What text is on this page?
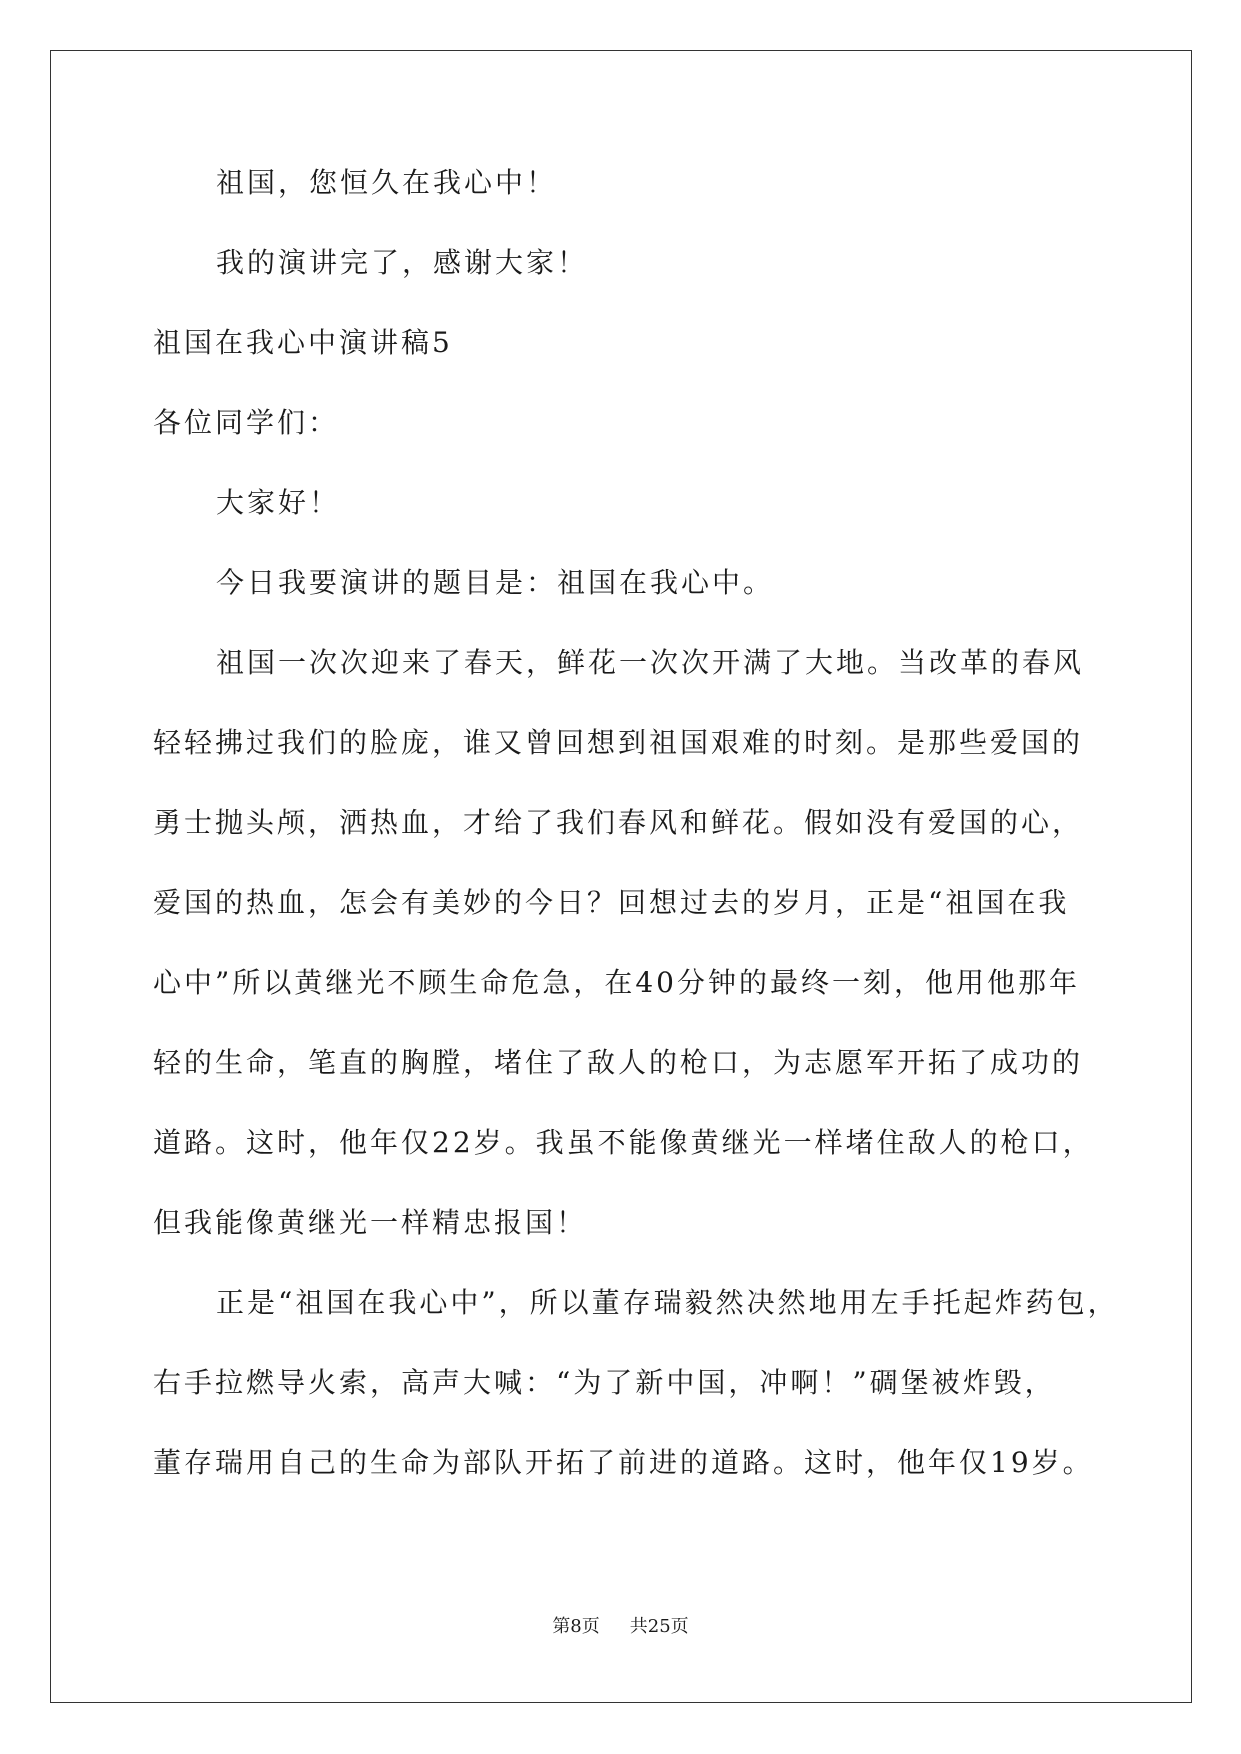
祖国，您恒久在我心中！
我的演讲完了，感谢大家！
祖国在我心中演讲稿5
各位同学们：
大家好！
今日我要演讲的题目是：祖国在我心中。
祖国一次次迎来了春天，鲜花一次次开满了大地。当改革的春风
轻轻拂过我们的脸庞，谁又曾回想到祖国艰难的时刻。是那些爱国的
勇士抛头颅，洒热血，才给了我们春风和鲜花。假如没有爱国的心，
爱国的热血，怎会有美妙的今日？回想过去的岁月，正是“祖国在我
心中”所以黄继光不顾生命危急，在40分钟的最终一刻，他用他那年
轻的生命，笔直的胸膛，堵住了敌人的枪口，为志愿军开拓了成功的
道路。这时，他年仅22岁。我虽不能像黄继光一样堵住敌人的枪口，
但我能像黄继光一样精忠报国！
正是“祖国在我心中”，所以董存瑞毅然决然地用左手托起炸药包，
右手拉燃导火索，高声大喊：“为了新中国，冲啊！”碉堡被炸毁，
董存瑞用自己的生命为部队开拓了前进的道路。这时，他年仅19岁。
第8页 共25页
